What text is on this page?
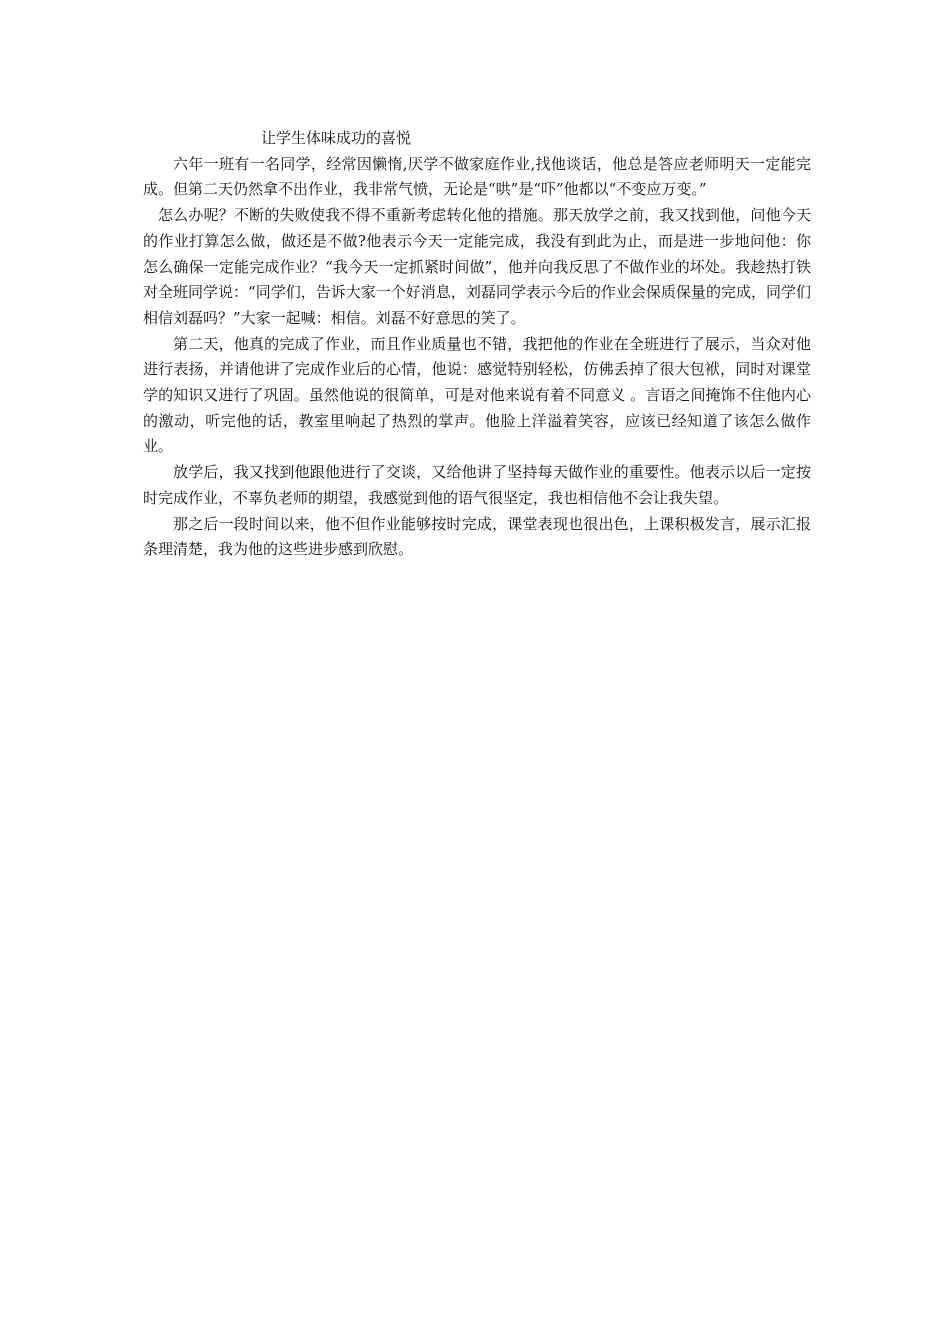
让学生体味成功的喜悦

六年一班有一名同学，经常因懒惰,厌学不做家庭作业,找他谈话，他总是答应老师明天一定能完成。但第二天仍然拿不出作业，我非常气愤，无论是“哄”是“吓”他都以“不变应万变。”

怎么办呢？不断的失败使我不得不重新考虑转化他的措施。那天放学之前，我又找到他，问他今天的作业打算怎么做，做还是不做?他表示今天一定能完成，我没有到此为止，而是进一步地问他：你怎么确保一定能完成作业？“我今天一定抓紧时间做”，他并向我反思了不做作业的坏处。我趁热打铁对全班同学说：“同学们，告诉大家一个好消息，刘磊同学表示今后的作业会保质保量的完成，同学们相信刘磊吗？”大家一起喊：相信。刘磊不好意思的笑了。

第二天，他真的完成了作业，而且作业质量也不错，我把他的作业在全班进行了展示，当众对他进行表扬，并请他讲了完成作业后的心情，他说：感觉特别轻松，仿佛丢掉了很大包袱，同时对课堂学的知识又进行了巩固。虽然他说的很简单，可是对他来说有着不同意义 。言语之间掩饰不住他内心的激动，听完他的话，教室里响起了热烈的掌声。他脸上洋溢着笑容，应该已经知道了该怎么做作业。

放学后，我又找到他跟他进行了交谈，又给他讲了坚持每天做作业的重要性。他表示以后一定按时完成作业，不辜负老师的期望，我感觉到他的语气很坚定，我也相信他不会让我失望。

那之后一段时间以来，他不但作业能够按时完成，课堂表现也很出色，上课积极发言，展示汇报条理清楚，我为他的这些进步感到欣慰。
